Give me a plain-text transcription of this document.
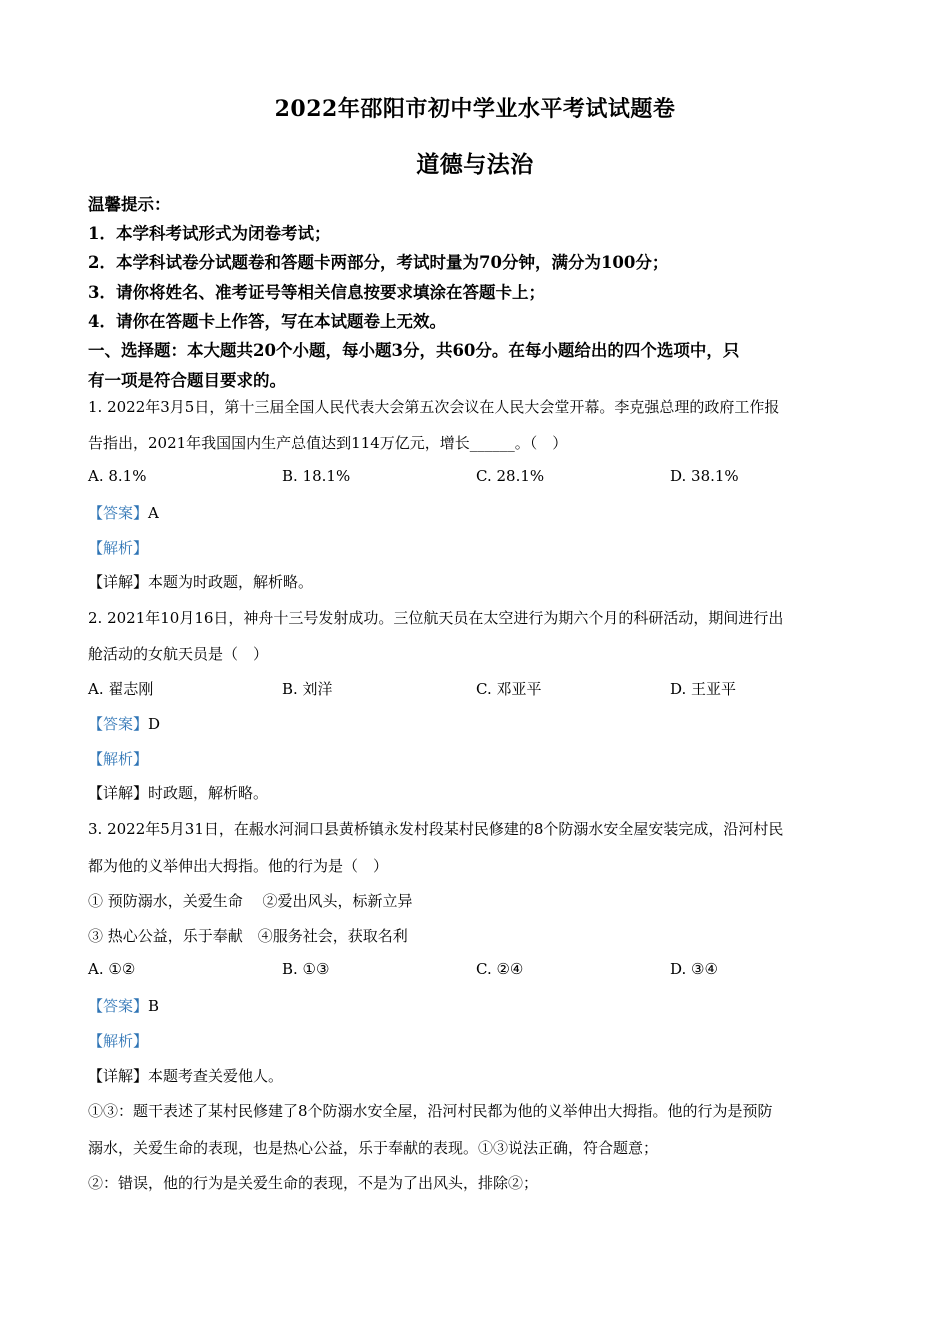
2022年邵阳市初中学业水平考试试题卷
道德与法治
温馨提示：
1．本学科考试形式为闭卷考试；
2．本学科试卷分试题卷和答题卡两部分，考试时量为70分钟，满分为100分；
3．请你将姓名、准考证号等相关信息按要求填涂在答题卡上；
4．请你在答题卡上作答，写在本试题卷上无效。
一、选择题：本大题共20个小题，每小题3分，共60分。在每小题给出的四个选项中，只
有一项是符合题目要求的。
1. 2022年3月5日，第十三届全国人民代表大会第五次会议在人民大会堂开幕。李克强总理的政府工作报
告指出，2021年我国国内生产总值达到114万亿元，增长______。（　）
A. 8.1%	B. 18.1%	C. 28.1%	D. 38.1%
【答案】A
【解析】
【详解】本题为时政题，解析略。
2. 2021年10月16日，神舟十三号发射成功。三位航天员在太空进行为期六个月的科研活动，期间进行出
舱活动的女航天员是（　）
A. 翟志刚	B. 刘洋	C. 邓亚平	D. 王亚平
【答案】D
【解析】
【详解】时政题，解析略。
3. 2022年5月31日，在赧水河洞口县黄桥镇永发村段某村民修建的8个防溺水安全屋安装完成，沿河村民
都为他的义举伸出大拇指。他的行为是（　）
① 预防溺水，关爱生命　 ②爱出风头，标新立异
③ 热心公益，乐于奉献　④服务社会，获取名利
A. ①②	B. ①③	C. ②④	D. ③④
【答案】B
【解析】
【详解】本题考查关爱他人。
①③：题干表述了某村民修建了8个防溺水安全屋，沿河村民都为他的义举伸出大拇指。他的行为是预防
溺水，关爱生命的表现，也是热心公益，乐于奉献的表现。①③说法正确，符合题意；
②：错误，他的行为是关爱生命的表现，不是为了出风头，排除②；
